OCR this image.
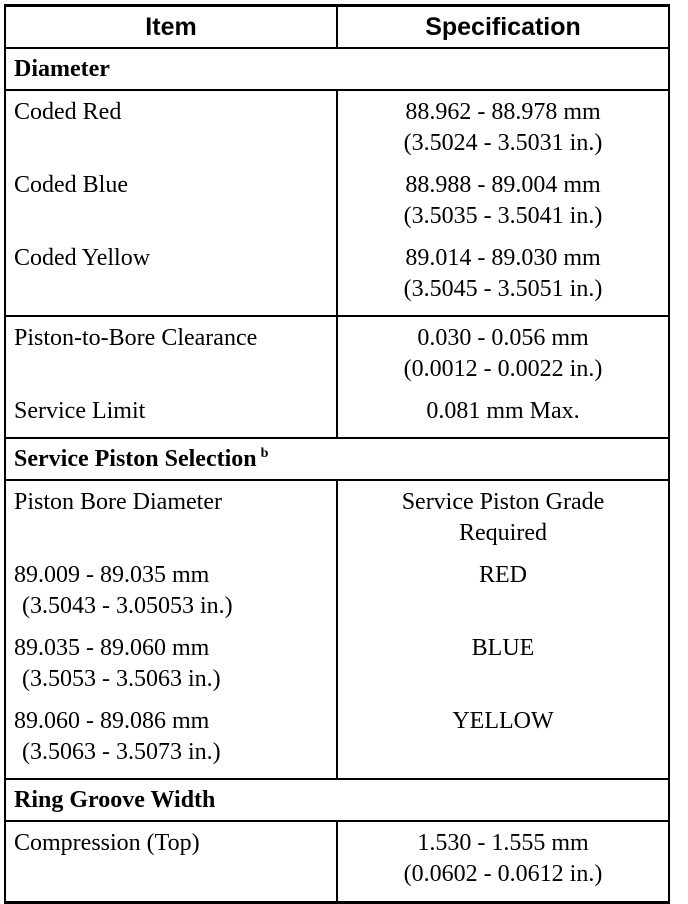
Item	Specification
Diameter	
Coded Red	88.962 - 88.978 mm
(3.5024 - 3.5031 in.)

Coded Blue	88.988 - 89.004 mm
(3.5035 - 3.5041 in.)

Coded Yellow	89.014 - 89.030 mm
(3.5045 - 3.5051 in.)

Piston-to-Bore Clearance	0.030 - 0.056 mm
(0.0012 - 0.0022 in.)

Service Limit	0.081 mm Max.

Service Piston Selection $^b$

Piston Bore Diameter	Service Piston Grade
Required

89.009 - 89.035 mm
(3.5043 - 3.05053 in.)	RED

89.035 - 89.060 mm
(3.5053 - 3.5063 in.)	BLUE

89.060 - 89.086 mm
(3.5063 - 3.5073 in.)	YELLOW

Ring Groove Width	
Compression (Top)	1.530 - 1.555 mm
(0.0602 - 0.0612 in.)
